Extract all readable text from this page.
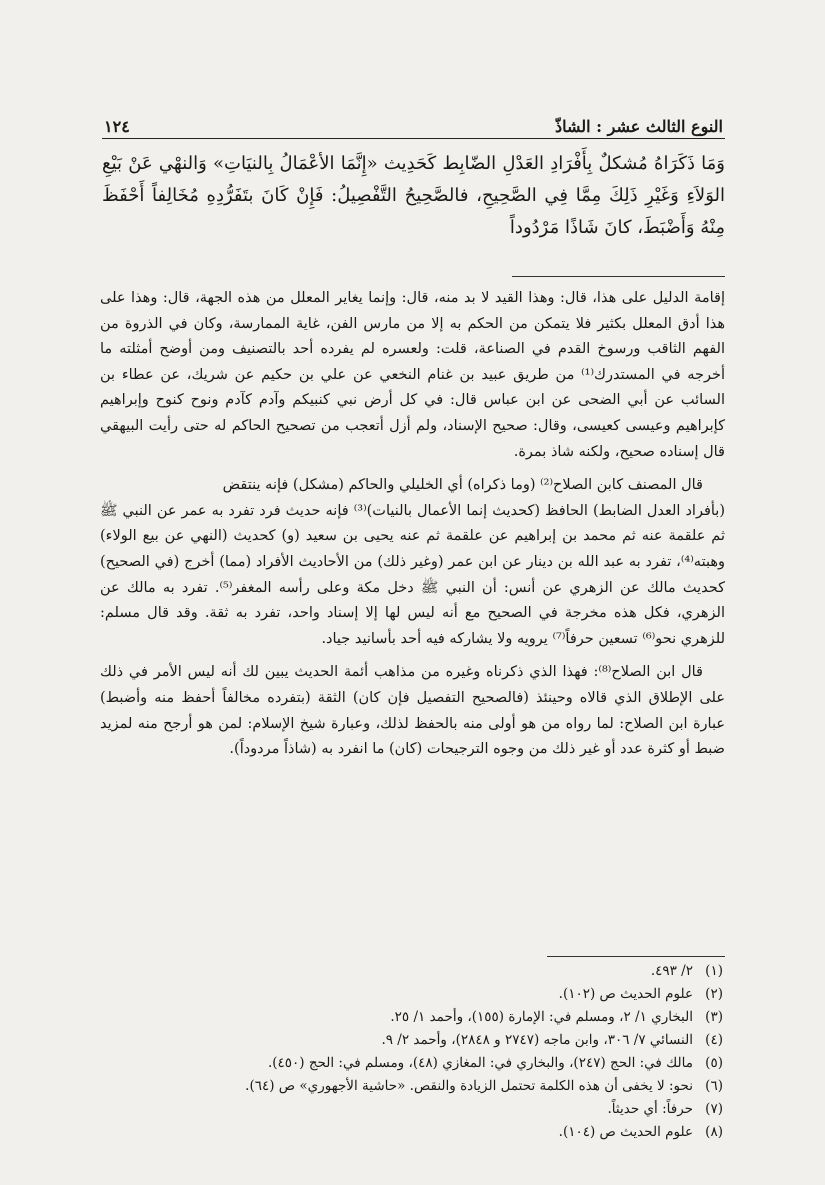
النوع الثالث عشر : الشاذّ
١٢٤
وَمَا ذَكَرَاهُ مُشكلٌ بِأَفْرَادِ العَدْلِ الضّابِط كَحَدِيث «إِنَّمَا الأعْمَالُ بِالنيَاتِ» وَالنهْي عَنْ بَيْعِ الوَلاَءِ وَغَيْرِ ذَلِكَ مِمَّا فِي الصَّحِيحِ، فالصَّحِيحُ التَّفْصِيلُ: فَإِنْ كَانَ بتَفَرُّدِهِ مُخَالِفاً أَحْفَظَ مِنْهُ وَأَضْبَطَ، كانَ شَاذًا مَرْدُوداً

إقامة الدليل على هذا، قال: وهذا القيد لا بد منه، قال: وإنما يغاير المعلل من هذه الجهة، قال: وهذا على هذا أدق المعلل بكثير فلا يتمكن من الحكم به إلا من مارس الفن، غاية الممارسة، وكان في الذروة من الفهم الثاقب ورسوخ القدم في الصناعة، قلت: ولعسره لم يفرده أحد بالتصنيف ومن أوضح أمثلته ما أخرجه في المستدرك⁽¹⁾ من طريق عبيد بن غنام النخعي عن علي بن حكيم عن شريك، عن عطاء بن السائب عن أبي الضحى عن ابن عباس قال: في كل أرض نبي كنبيكم وآدم كآدم ونوح كنوح وإبراهيم كإبراهيم وعيسى كعيسى، وقال: صحيح الإسناد، ولم أزل أتعجب من تصحيح الحاكم له حتى رأيت البيهقي قال إسناده صحيح، ولكنه شاذ بمرة.

قال المصنف كابن الصلاح⁽²⁾ (وما ذكراه) أي الخليلي والحاكم (مشكل) فإنه ينتقض

(بأفراد العدل الضابط) الحافظ (كحديث إنما الأعمال بالنيات)⁽³⁾ فإنه حديث فرد تفرد به عمر عن النبي ﷺ ثم علقمة عنه ثم محمد بن إبراهيم عن علقمة ثم عنه يحيى بن سعيد (و) كحديث (النهي عن بيع الولاء) وهبته⁽⁴⁾، تفرد به عبد الله بن دينار عن ابن عمر (وغير ذلك) من الأحاديث الأفراد (مما) أخرج (في الصحيح) كحديث مالك عن الزهري عن أنس: أن النبي ﷺ دخل مكة وعلى رأسه المغفر⁽⁵⁾. تفرد به مالك عن الزهري، فكل هذه مخرجة في الصحيح مع أنه ليس لها إلا إسناد واحد، تفرد به ثقة. وقد قال مسلم: للزهري نحو⁽⁶⁾ تسعين حرفاً⁽⁷⁾ يرويه ولا يشاركه فيه أحد بأسانيد جياد.

قال ابن الصلاح⁽⁸⁾: فهذا الذي ذكرناه وغيره من مذاهب أئمة الحديث يبين لك أنه ليس الأمر في ذلك على الإطلاق الذي قالاه وحينئذ (فالصحيح التفصيل فإن كان) الثقة (بتفرده مخالفاً أحفظ منه وأضبط) عبارة ابن الصلاح: لما رواه من هو أولى منه بالحفظ لذلك، وعبارة شيخ الإسلام: لمن هو أرجح منه لمزيد ضبط أو كثرة عدد أو غير ذلك من وجوه الترجيحات (كان) ما انفرد به (شاذاً مردوداً).

(١)
٢/ ٤٩٣.
(٢)
علوم الحديث ص (١٠٢).
(٣)
البخاري ١/ ٢، ومسلم في: الإمارة (١٥٥)، وأحمد ١/ ٢٥.
(٤)
النسائي ٧/ ٣٠٦، وابن ماجه (٢٧٤٧ و ٢٨٤٨)، وأحمد ٢/ ٩.
(٥)
مالك في: الحج (٢٤٧)، والبخاري في: المغازي (٤٨)، ومسلم في: الحج (٤٥٠).
(٦)
نحو: لا يخفى أن هذه الكلمة تحتمل الزيادة والنقص. «حاشية الأجهوري» ص (٦٤).
(٧)
حرفاً: أي حديثاً.
(٨)
علوم الحديث ص (١٠٤).
